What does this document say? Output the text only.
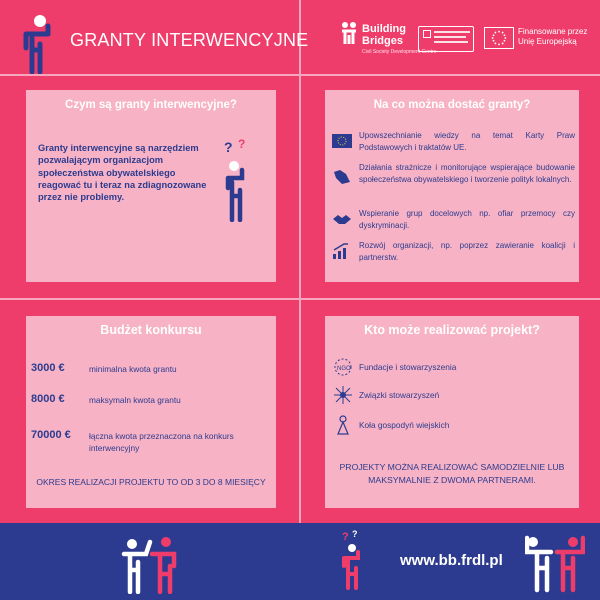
GRANTY INTERWENCYJNE
Building
Bridges
Civil Society Development Centre
Finansowane przez
Unię Europejską
Czym są granty interwencyjne?
Granty interwencyjne są narzędziem pozwalającym organizacjom społeczeństwa obywatelskiego reagować tu i teraz na zdiagnozowane przez nie problemy.
? ?
Na co można dostać granty?
Upowszechnianie wiedzy na temat Karty Praw Podstawowych i traktatów UE.
Działania strażnicze i monitorujące wspierające budowanie społeczeństwa obywatelskiego i tworzenie polityk lokalnych.
Wspieranie grup docelowych np. ofiar przemocy czy dyskryminacji.
Rozwój organizacji, np. poprzez zawieranie koalicji i partnerstw.
Budżet konkursu
3000 €	minimalna kwota grantu
8000 €	maksymaln kwota grantu
70000 € łączna kwota przeznaczona na konkurs interwencyjny
OKRES REALIZACJI PROJEKTU TO OD 3 DO 8 MIESIĘCY
Kto może realizować projekt?
NGO Fundacje i stowarzyszenia
Związki stowarzyszeń
Koła gospodyń wiejskich
PROJEKTY MOŻNA REALIZOWAĆ SAMODZIELNIE LUB MAKSYMALNIE Z DWOMA PARTNERAMI.
? ?
www.bb.frdl.pl
